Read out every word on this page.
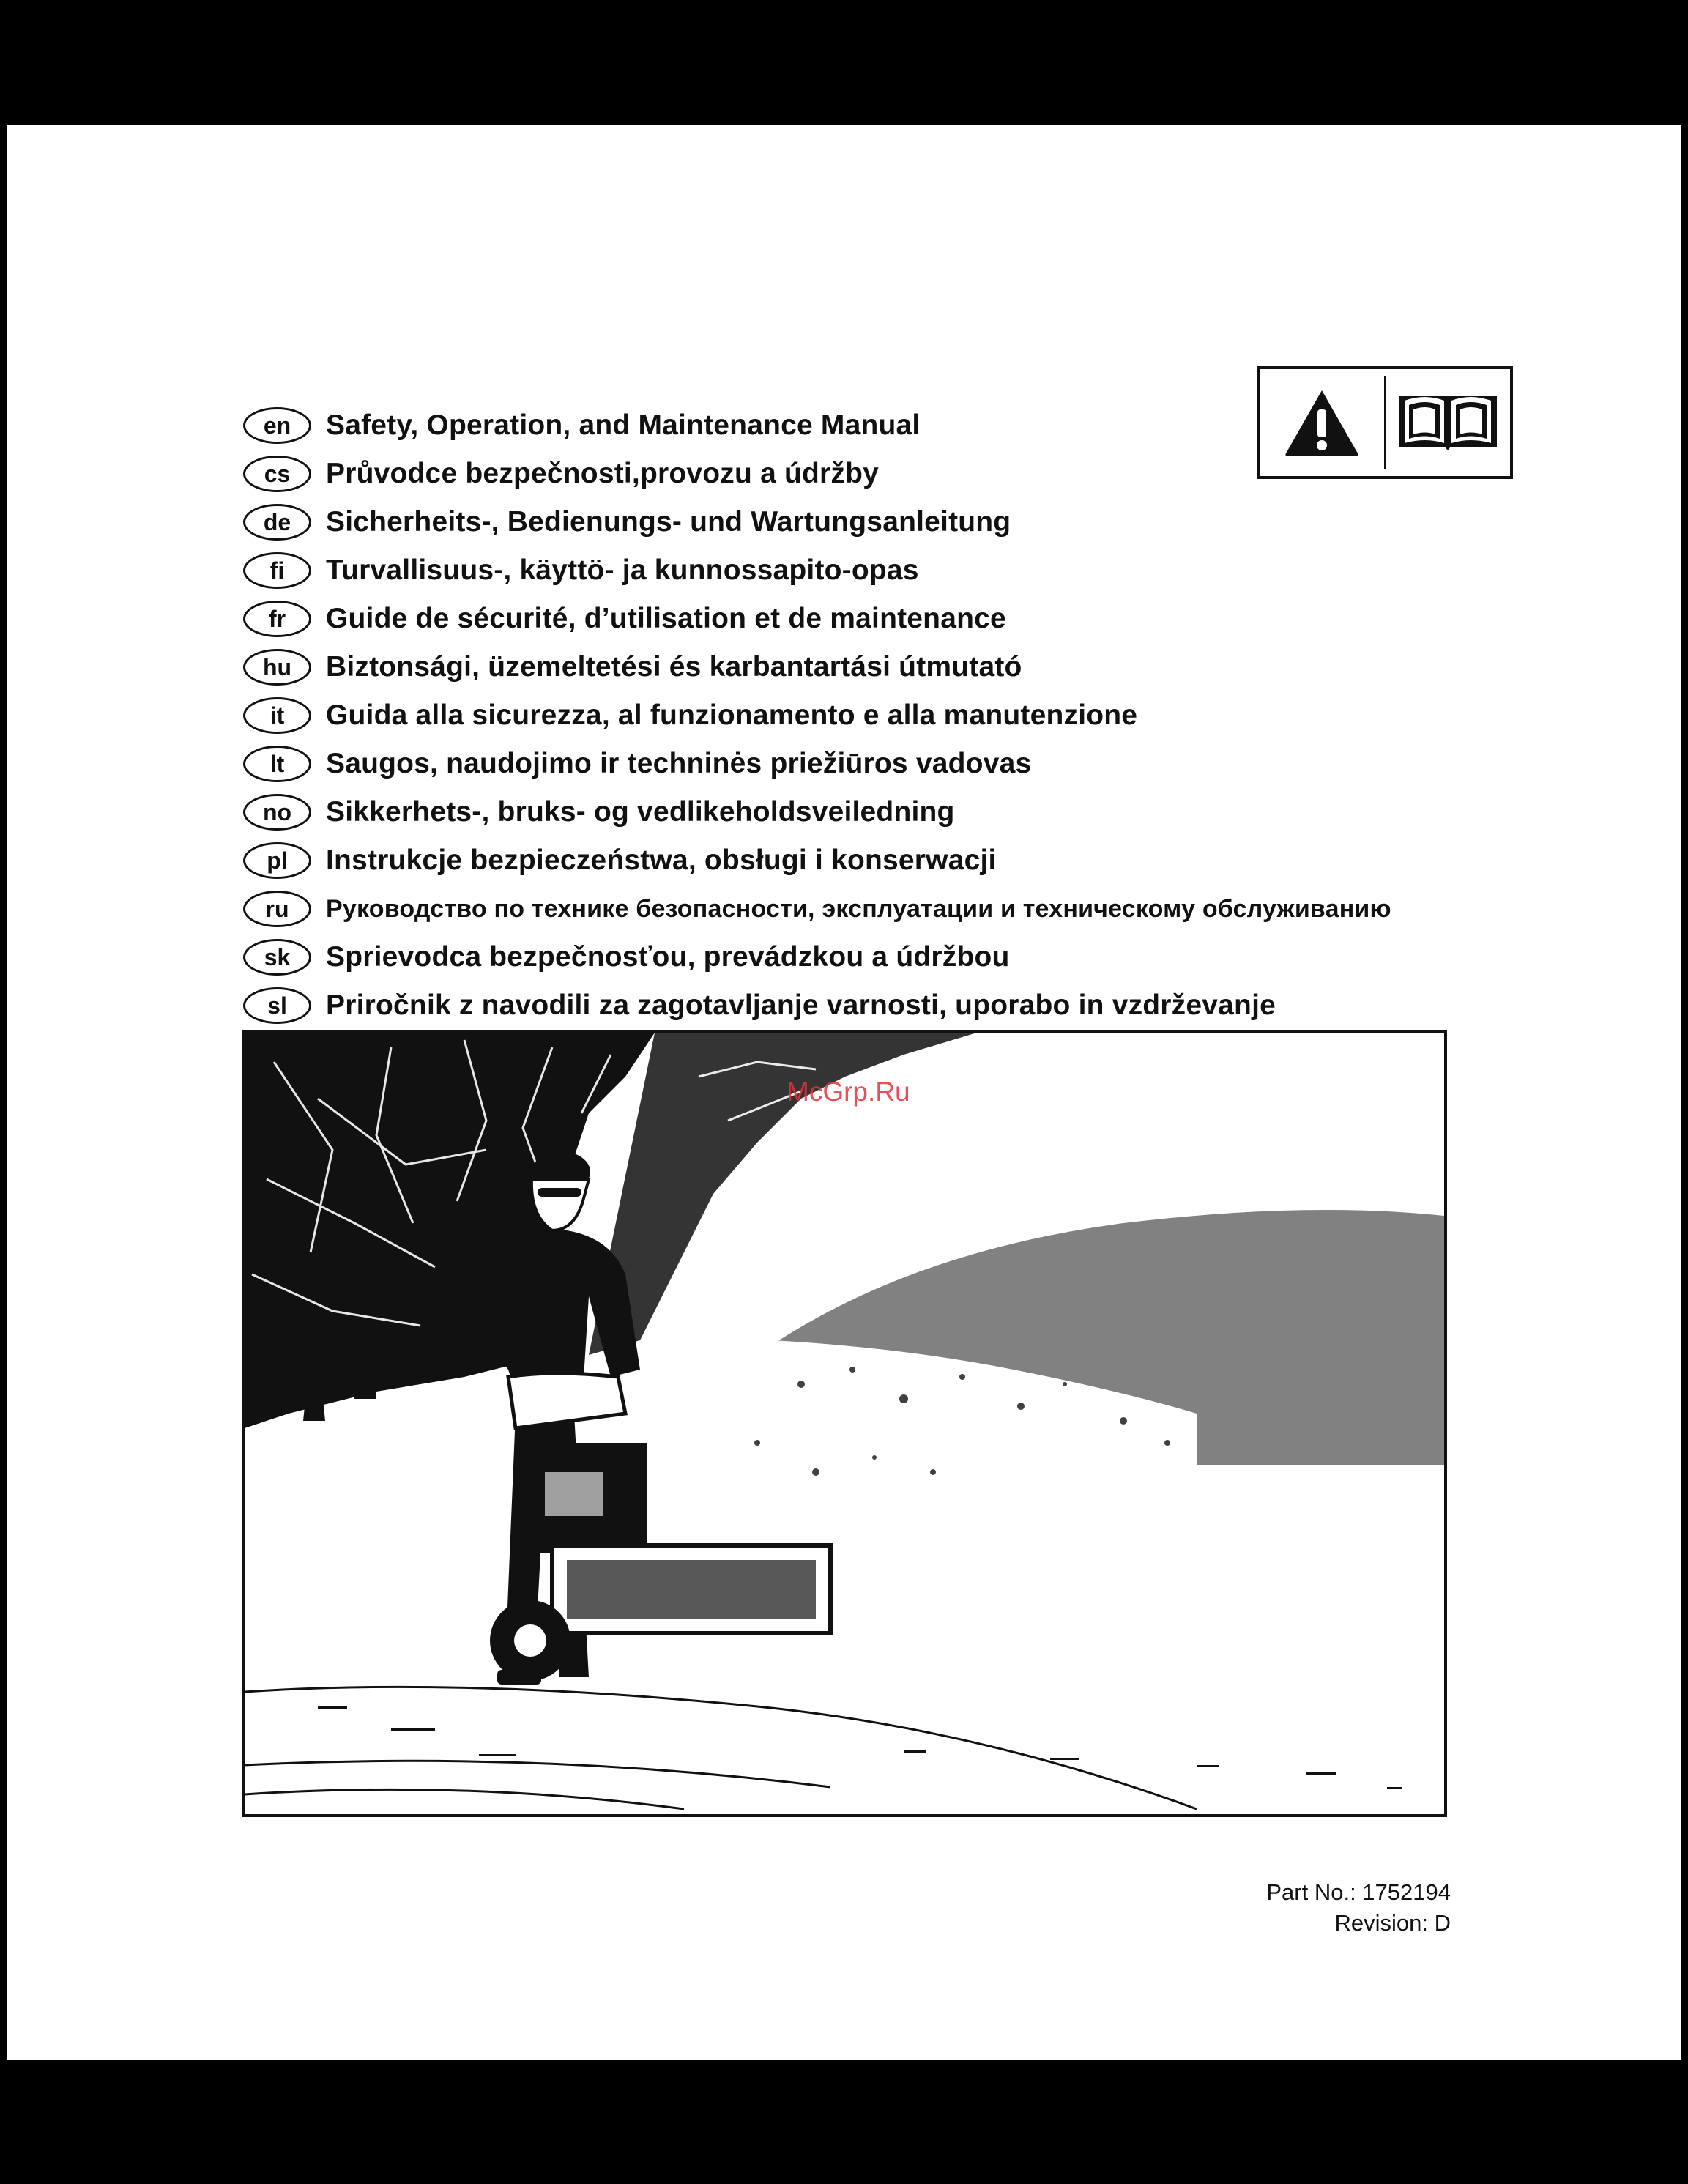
en	Safety, Operation, and Maintenance Manual
cs	Průvodce bezpečnosti,provozu a údržby
de	Sicherheits-, Bedienungs- und Wartungsanleitung
fi	Turvallisuus-, käyttö- ja kunnossapito-opas
fr	Guide de sécurité, d’utilisation et de maintenance
hu	Biztonsági, üzemeltetési és karbantartási útmutató
it	Guida alla sicurezza, al funzionamento e alla manutenzione
lt	Saugos, naudojimo ir techninės priežiūros vadovas
no	Sikkerhets-, bruks- og vedlikeholdsveiledning
pl	Instrukcje bezpieczeństwa, obsługi i konserwacji
ru	Руководство по технике безопасности, эксплуатации и техническому обслуживанию
sk	Sprievodca bezpečnosťou, prevádzkou a údržbou
sl	Priročnik z navodili za zagotavljanje varnosti, uporabo in vzdrževanje
McGrp.Ru
Part No.: 1752194
Revision: D
